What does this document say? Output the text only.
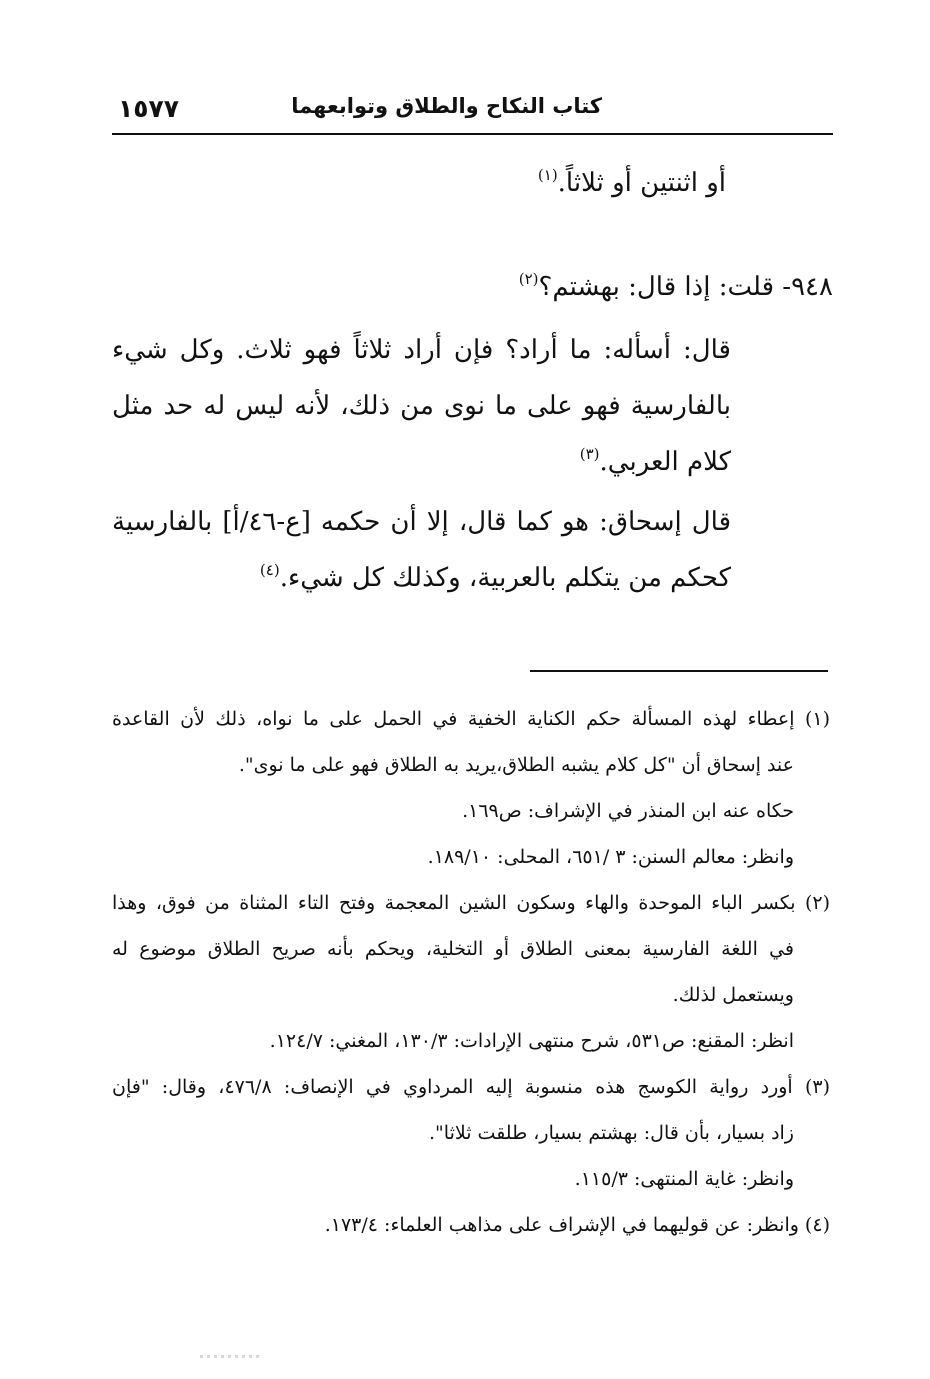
١٥٧٧	كتاب النكاح والطلاق وتوابعهما
أو اثنتين أو ثلاثاً.$^{(١)}$
٩٤٨- قلت: إذا قال: بهشتم؟$^{(٢)}$
قال: أسأله: ما أراد؟ فإن أراد ثلاثاً فهو ثلاث. وكل شيء
بالفارسية فهو على ما نوى من ذلك، لأنه ليس له حد مثل
كلام العربي.$^{(٣)}$
قال إسحاق: هو كما قال، إلا أن حكمه [ع-٤٦/أ] بالفارسية
كحكم من يتكلم بالعربية، وكذلك كل شيء.$^{(٤)}$
(١) إعطاء لهذه المسألة حكم الكناية الخفية في الحمل على ما نواه، ذلك لأن القاعدة
عند إسحاق أن "كل كلام يشبه الطلاق،يريد به الطلاق فهو على ما نوى".
حكاه عنه ابن المنذر في الإشراف: ص١٦٩.
وانظر: معالم السنن: ٣ /٦٥١، المحلى: ١٨٩/١٠.
(٢) بكسر الباء الموحدة والهاء وسكون الشين المعجمة وفتح التاء المثناة من فوق، وهذا
في اللغة الفارسية بمعنى الطلاق أو التخلية، ويحكم بأنه صريح الطلاق موضوع له
ويستعمل لذلك.
انظر: المقنع: ص٥٣١، شرح منتهى الإرادات: ١٣٠/٣، المغني: ١٢٤/٧.
(٣) أورد رواية الكوسج هذه منسوبة إليه المرداوي في الإنصاف: ٤٧٦/٨، وقال: "فإن
زاد بسيار، بأن قال: بهشتم بسيار، طلقت ثلاثا".
وانظر: غاية المنتهى: ١١٥/٣.
(٤) وانظر: عن قوليهما في الإشراف على مذاهب العلماء: ١٧٣/٤.
